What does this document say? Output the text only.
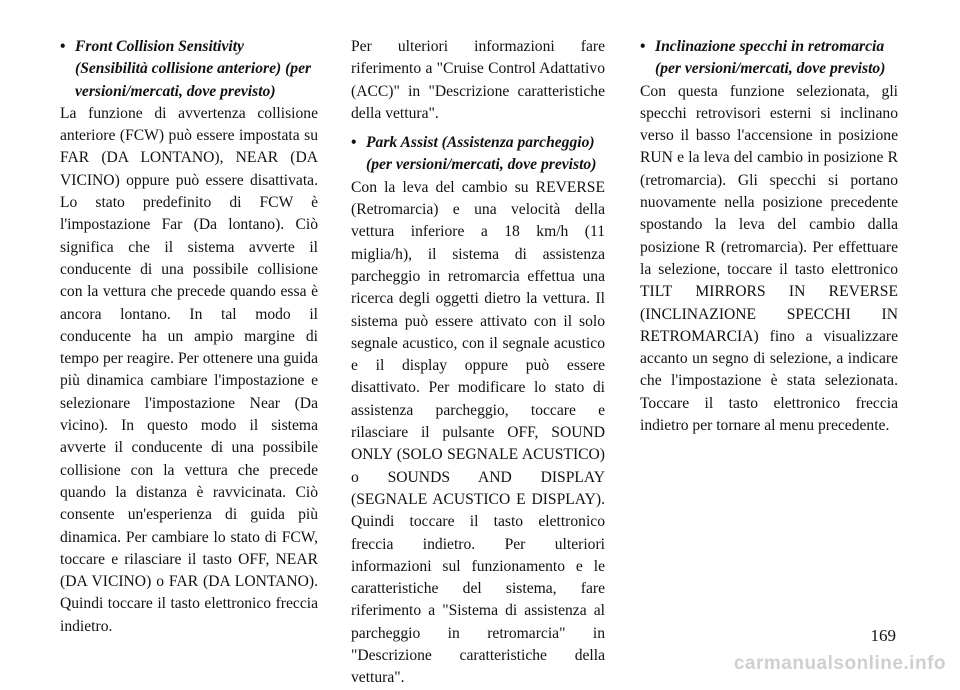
• Front Collision Sensitivity (Sensibilità collisione anteriore) (per versioni/mercati, dove previsto)

La funzione di avvertenza collisione anteriore (FCW) può essere impostata su FAR (DA LONTANO), NEAR (DA VICINO) oppure può essere disattivata. Lo stato predefinito di FCW è l'impostazione Far (Da lontano). Ciò significa che il sistema avverte il conducente di una possibile collisione con la vettura che precede quando essa è ancora lontano. In tal modo il conducente ha un ampio margine di tempo per reagire. Per ottenere una guida più dinamica cambiare l'impostazione e selezionare l'impostazione Near (Da vicino). In questo modo il sistema avverte il conducente di una possibile collisione con la vettura che precede quando la distanza è ravvicinata. Ciò consente un'esperienza di guida più dinamica. Per cambiare lo stato di FCW, toccare e rilasciare il tasto OFF, NEAR (DA VICINO) o FAR (DA LONTANO). Quindi toccare il tasto elettronico freccia indietro.

Per ulteriori informazioni fare riferimento a "Cruise Control Adattativo (ACC)" in "Descrizione caratteristiche della vettura".

• Park Assist (Assistenza parcheggio) (per versioni/mercati, dove previsto)

Con la leva del cambio su REVERSE (Retromarcia) e una velocità della vettura inferiore a 18 km/h (11 miglia/h), il sistema di assistenza parcheggio in retromarcia effettua una ricerca degli oggetti dietro la vettura. Il sistema può essere attivato con il solo segnale acustico, con il segnale acustico e il display oppure può essere disattivato. Per modificare lo stato di assistenza parcheggio, toccare e rilasciare il pulsante OFF, SOUND ONLY (SOLO SEGNALE ACUSTICO) o SOUNDS AND DISPLAY (SEGNALE ACUSTICO E DISPLAY). Quindi toccare il tasto elettronico freccia indietro. Per ulteriori informazioni sul funzionamento e le caratteristiche del sistema, fare riferimento a "Sistema di assistenza al parcheggio in retromarcia" in "Descrizione caratteristiche della vettura".

• Inclinazione specchi in retromarcia (per versioni/mercati, dove previsto)

Con questa funzione selezionata, gli specchi retrovisori esterni si inclinano verso il basso l'accensione in posizione RUN e la leva del cambio in posizione R (retromarcia). Gli specchi si portano nuovamente nella posizione precedente spostando la leva del cambio dalla posizione R (retromarcia). Per effettuare la selezione, toccare il tasto elettronico TILT MIRRORS IN REVERSE (INCLINAZIONE SPECCHI IN RETROMARCIA) fino a visualizzare accanto un segno di selezione, a indicare che l'impostazione è stata selezionata. Toccare il tasto elettronico freccia indietro per tornare al menu precedente.

169
carmanualsonline.info
